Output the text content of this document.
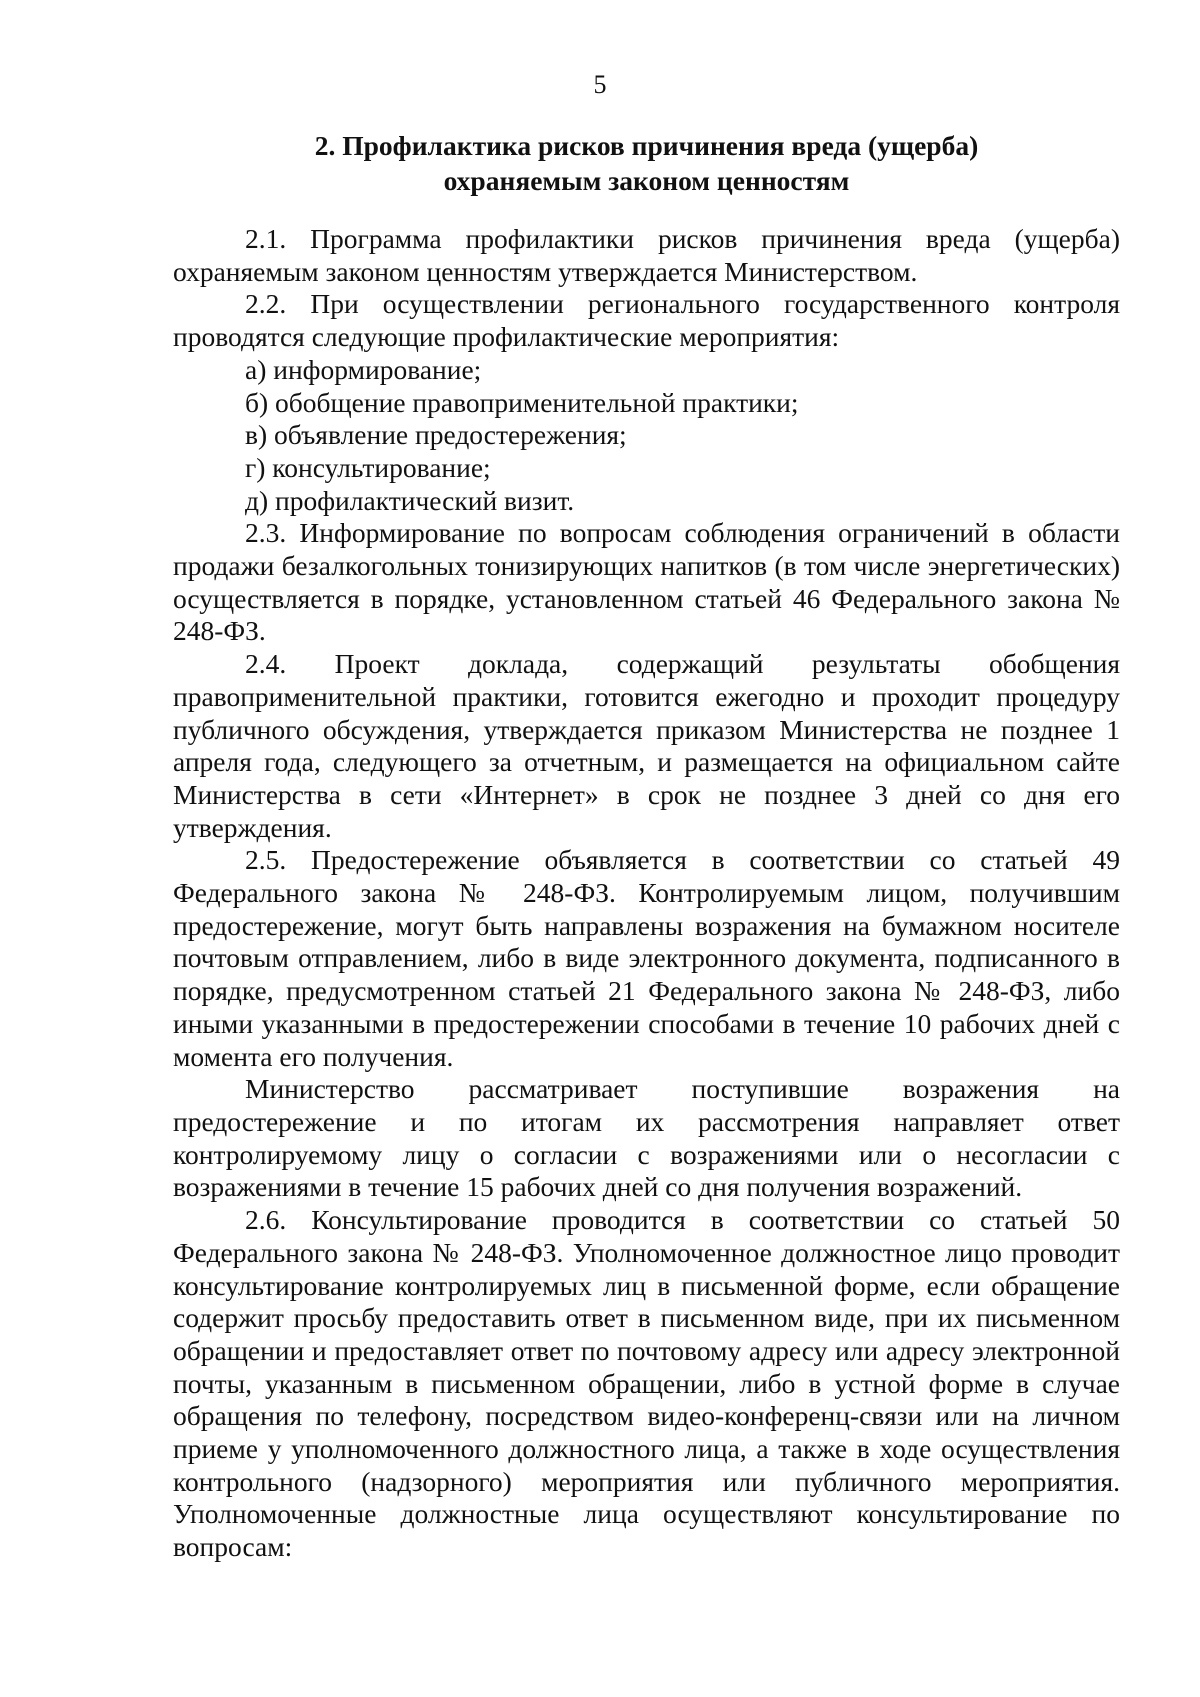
5

2. Профилактика рисков причинения вреда (ущерба)
охраняемым законом ценностям

2.1. Программа профилактики рисков причинения вреда (ущерба) охраняемым законом ценностям утверждается Министерством.

2.2. При осуществлении регионального государственного контроля проводятся следующие профилактические мероприятия:

а) информирование;

б) обобщение правоприменительной практики;

в) объявление предостережения;

г) консультирование;

д) профилактический визит.

2.3. Информирование по вопросам соблюдения ограничений в области продажи безалкогольных тонизирующих напитков (в том числе энергетических) осуществляется в порядке, установленном статьей 46 Федерального закона № 248-ФЗ.

2.4. Проект доклада, содержащий результаты обобщения правоприменительной практики, готовится ежегодно и проходит процедуру публичного обсуждения, утверждается приказом Министерства не позднее 1 апреля года, следующего за отчетным, и размещается на официальном сайте Министерства в сети «Интернет» в срок не позднее 3 дней со дня его утверждения.

2.5. Предостережение объявляется в соответствии со статьей 49 Федерального закона № 248-ФЗ. Контролируемым лицом, получившим предостережение, могут быть направлены возражения на бумажном носителе почтовым отправлением, либо в виде электронного документа, подписанного в порядке, предусмотренном статьей 21 Федерального закона № 248-ФЗ, либо иными указанными в предостережении способами в течение 10 рабочих дней с момента его получения.

Министерство рассматривает поступившие возражения на предостережение и по итогам их рассмотрения направляет ответ контролируемому лицу о согласии с возражениями или о несогласии с возражениями в течение 15 рабочих дней со дня получения возражений.

2.6. Консультирование проводится в соответствии со статьей 50 Федерального закона № 248-ФЗ. Уполномоченное должностное лицо проводит консультирование контролируемых лиц в письменной форме, если обращение содержит просьбу предоставить ответ в письменном виде, при их письменном обращении и предоставляет ответ по почтовому адресу или адресу электронной почты, указанным в письменном обращении, либо в устной форме в случае обращения по телефону, посредством видео-конференц-связи или на личном приеме у уполномоченного должностного лица, а также в ходе осуществления контрольного (надзорного) мероприятия или публичного мероприятия. Уполномоченные должностные лица осуществляют консультирование по вопросам:
